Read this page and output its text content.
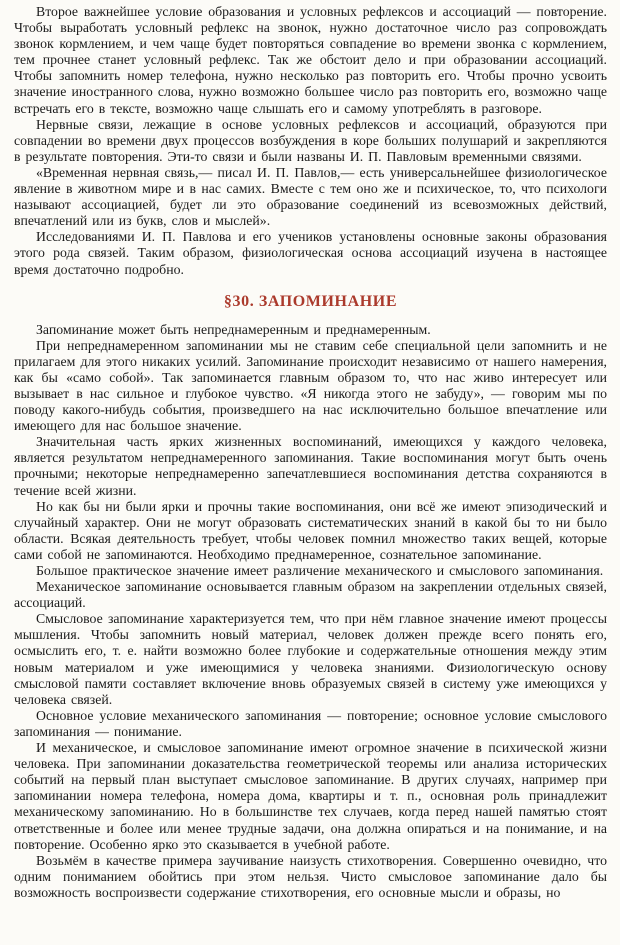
Второе важнейшее условие образования и условных рефлексов и ассоциаций — повторение. Чтобы выработать условный рефлекс на звонок, нужно достаточное число раз сопровождать звонок кормлением, и чем чаще будет повторяться совпадение во времени звонка с кормлением, тем прочнее станет условный рефлекс. Так же обстоит дело и при образовании ассоциаций. Чтобы запомнить номер телефона, нужно несколько раз повторить его. Чтобы прочно усвоить значение иностранного слова, нужно возможно большее число раз повторить его, возможно чаще встречать его в тексте, возможно чаще слышать его и самому употреблять в разговоре.

Нервные связи, лежащие в основе условных рефлексов и ассоциаций, образуются при совпадении во времени двух процессов возбуждения в коре больших полушарий и закрепляются в результате повторения. Эти-то связи и были названы И. П. Павловым временными связями.

«Временная нервная связь,— писал И. П. Павлов,— есть универсальнейшее физиологическое явление в животном мире и в нас самих. Вместе с тем оно же и психическое, то, что психологи называют ассоциацией, будет ли это образование соединений из всевозможных действий, впечатлений или из букв, слов и мыслей».

Исследованиями И. П. Павлова и его учеников установлены основные законы образования этого рода связей. Таким образом, физиологическая основа ассоциаций изучена в настоящее время достаточно подробно.

§30. ЗАПОМИНАНИЕ

Запоминание может быть непреднамеренным и преднамеренным.

При непреднамеренном запоминании мы не ставим себе специальной цели запомнить и не прилагаем для этого никаких усилий. Запоминание происходит независимо от нашего намерения, как бы «само собой». Так запоминается главным образом то, что нас живо интересует или вызывает в нас сильное и глубокое чувство. «Я никогда этого не забуду», — говорим мы по поводу какого-нибудь события, произведшего на нас исключительно большое впечатление или имеющего для нас большое значение.

Значительная часть ярких жизненных воспоминаний, имеющихся у каждого человека, является результатом непреднамеренного запоминания. Такие воспоминания могут быть очень прочными; некоторые непреднамеренно запечатлевшиеся воспоминания детства сохраняются в течение всей жизни.

Но как бы ни были ярки и прочны такие воспоминания, они всё же имеют эпизодический и случайный характер. Они не могут образовать систематических знаний в какой бы то ни было области. Всякая деятельность требует, чтобы человек помнил множество таких вещей, которые сами собой не запоминаются. Необходимо преднамеренное, сознательное запоминание.

Большое практическое значение имеет различение механического и смыслового запоминания.

Механическое запоминание основывается главным образом на закреплении отдельных связей, ассоциаций.

Смысловое запоминание характеризуется тем, что при нём главное значение имеют процессы мышления. Чтобы запомнить новый материал, человек должен прежде всего понять его, осмыслить его, т. е. найти возможно более глубокие и содержательные отношения между этим новым материалом и уже имеющимися у человека знаниями. Физиологическую основу смысловой памяти составляет включение вновь образуемых связей в систему уже имеющихся у человека связей.

Основное условие механического запоминания — повторение; основное условие смыслового запоминания — понимание.

И механическое, и смысловое запоминание имеют огромное значение в психической жизни человека. При запоминании доказательства геометрической теоремы или анализа исторических событий на первый план выступает смысловое запоминание. В других случаях, например при запоминании номера телефона, номера дома, квартиры и т. п., основная роль принадлежит механическому запоминанию. Но в большинстве тех случаев, когда перед нашей памятью стоят ответственные и более или менее трудные задачи, она должна опираться и на понимание, и на повторение. Особенно ярко это сказывается в учебной работе.

Возьмём в качестве примера заучивание наизусть стихотворения. Совершенно очевидно, что одним пониманием обойтись при этом нельзя. Чисто смысловое запоминание дало бы возможность воспроизвести содержание стихотворения, его основные мысли и образы, но
